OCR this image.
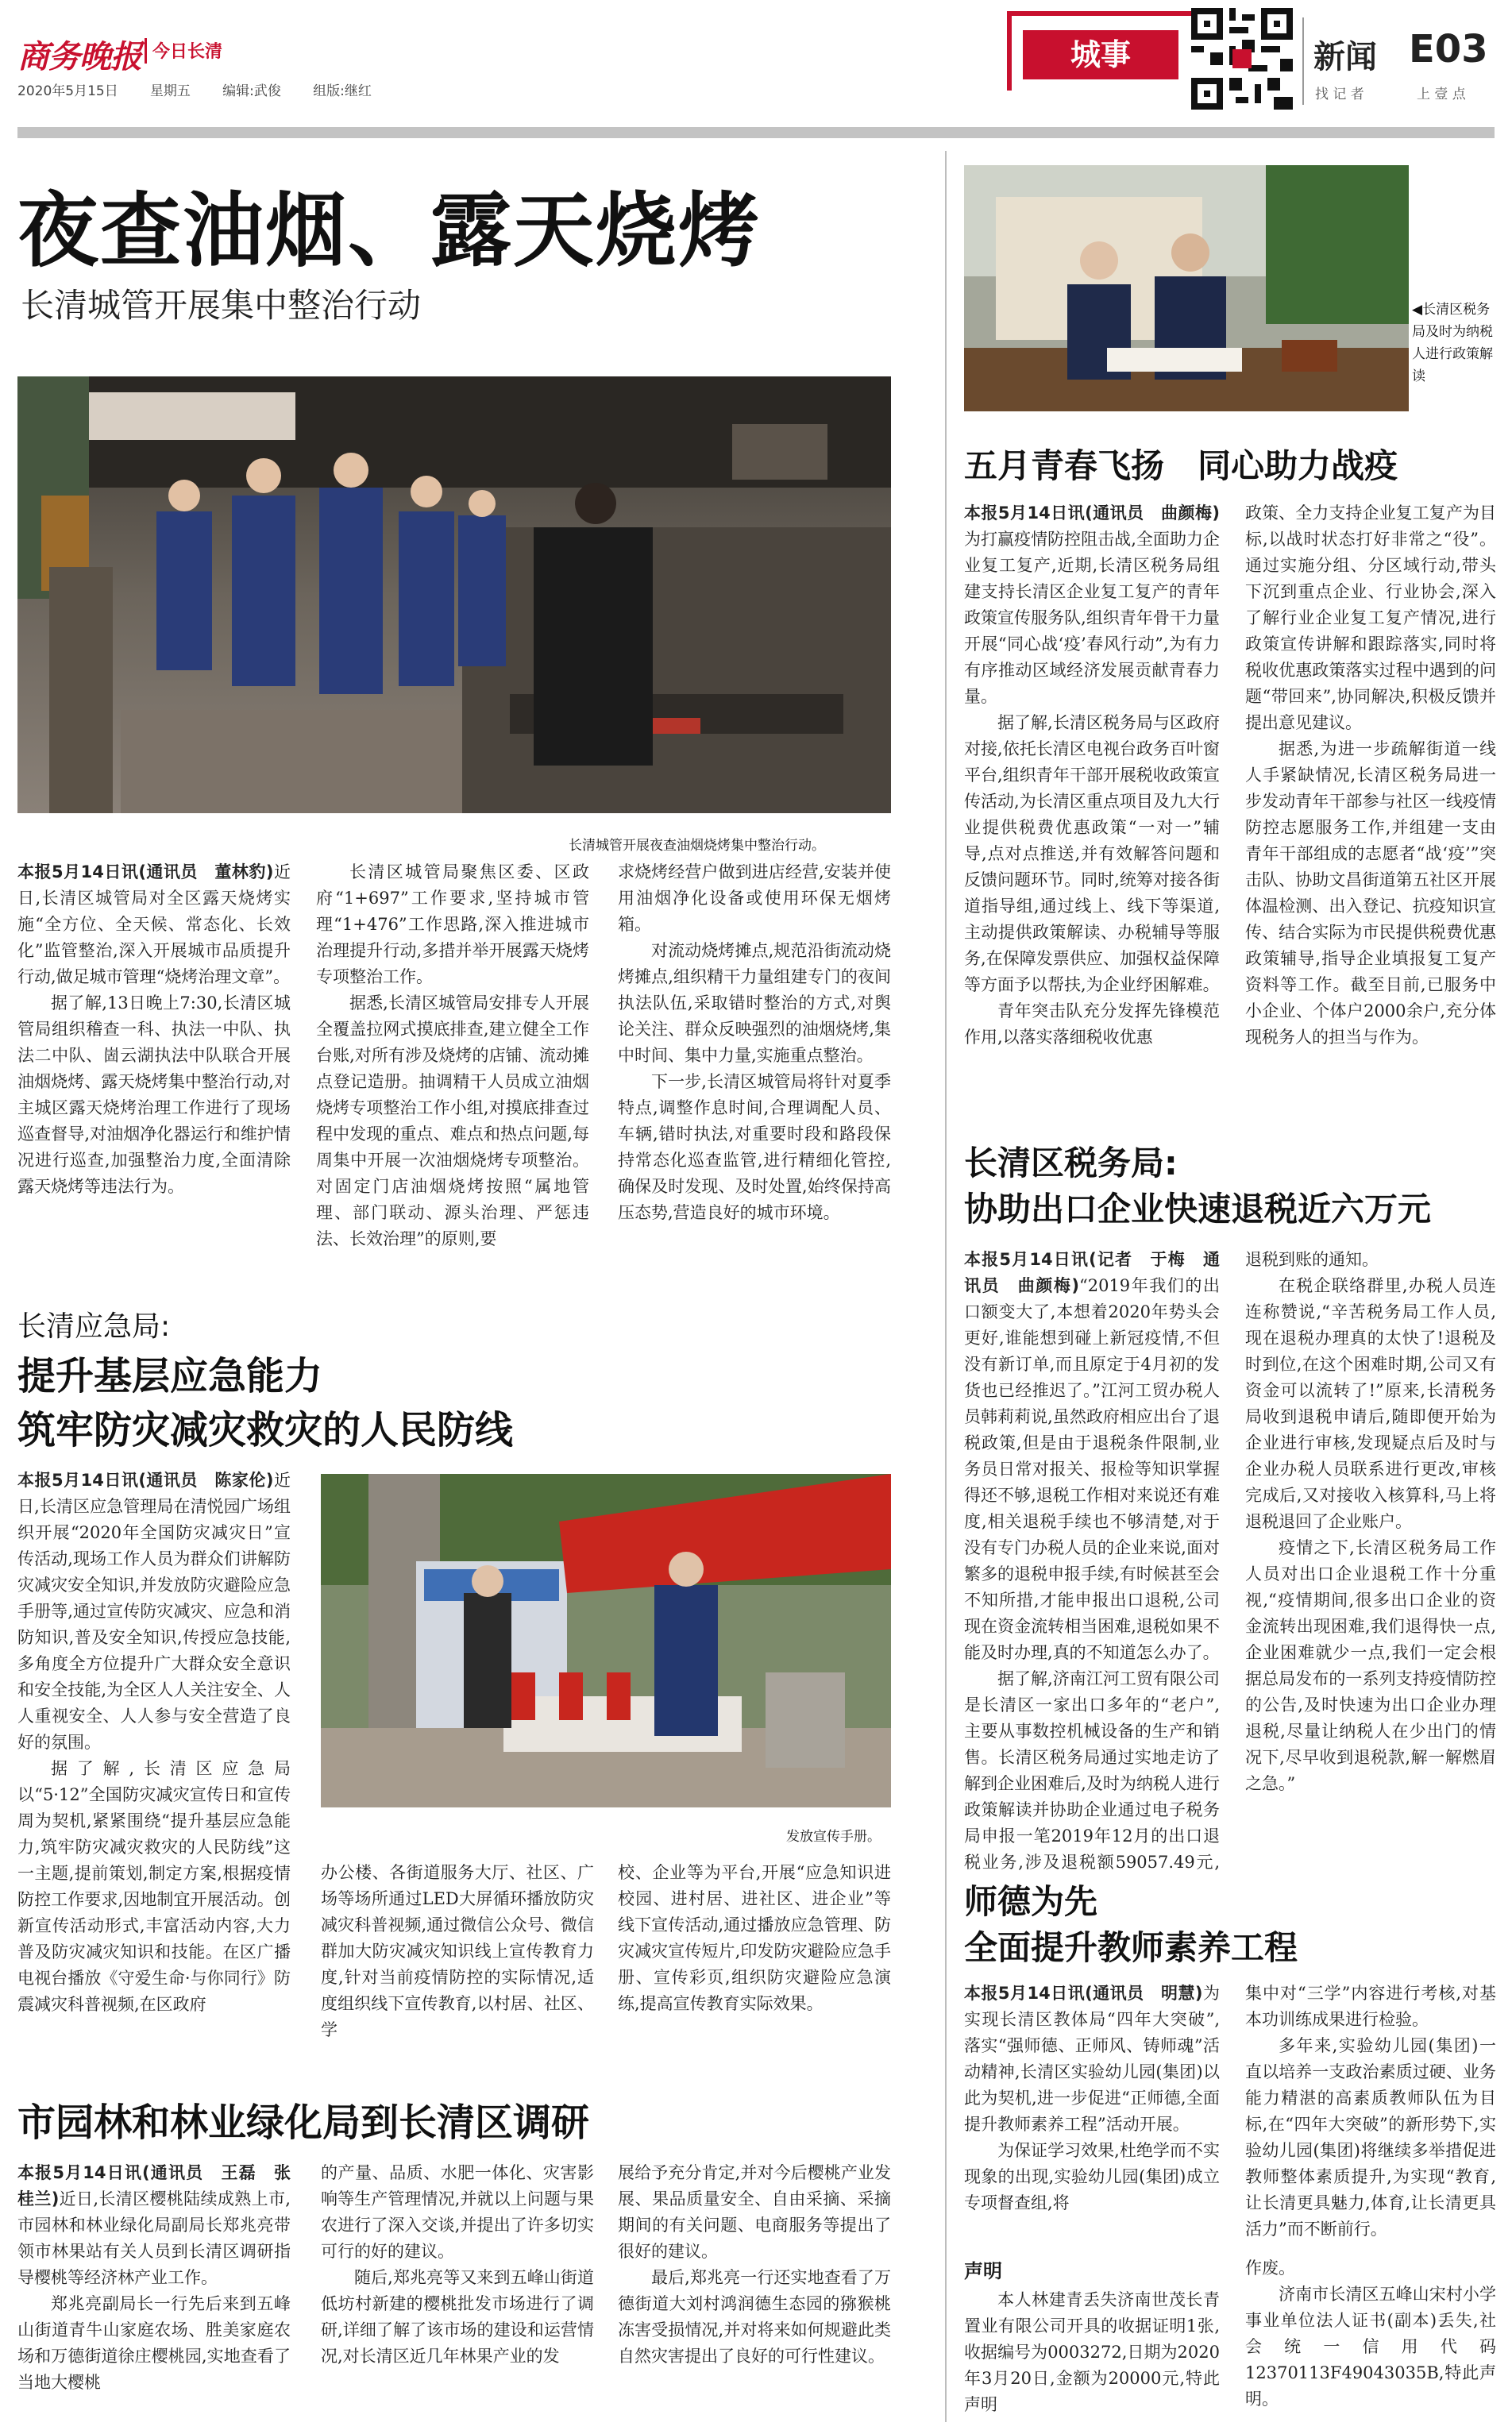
商务晚报 今日长清
2020年5月15日 星期五 编辑:武俊 组版:继红
城事	新闻 E03
找 记 者	上 壹 点
夜查油烟、露天烧烤
长清城管开展集中整治行动
长清城管开展夜查油烟烧烤集中整治行动。

本报5月14日讯(通讯员　董林豹)近日,长清区城管局对全区露天烧烤实施“全方位、全天候、常态化、长效化”监管整治,深入开展城市品质提升行动,做足城市管理“烧烤治理文章”。

据了解,13日晚上7:30,长清区城管局组织稽查一科、执法一中队、执法二中队、崮云湖执法中队联合开展油烟烧烤、露天烧烤集中整治行动,对主城区露天烧烤治理工作进行了现场巡查督导,对油烟净化器运行和维护情况进行巡查,加强整治力度,全面清除露天烧烤等违法行为。

长清区城管局聚焦区委、区政府“1+697”工作要求,坚持城市管理“1+476”工作思路,深入推进城市治理提升行动,多措并举开展露天烧烤专项整治工作。

据悉,长清区城管局安排专人开展全覆盖拉网式摸底排查,建立健全工作台账,对所有涉及烧烤的店铺、流动摊点登记造册。抽调精干人员成立油烟烧烤专项整治工作小组,对摸底排查过程中发现的重点、难点和热点问题,每周集中开展一次油烟烧烤专项整治。对固定门店油烟烧烤按照“属地管理、部门联动、源头治理、严惩违法、长效治理”的原则,要

求烧烤经营户做到进店经营,安装并使用油烟净化设备或使用环保无烟烤箱。

对流动烧烤摊点,规范沿街流动烧烤摊点,组织精干力量组建专门的夜间执法队伍,采取错时整治的方式,对舆论关注、群众反映强烈的油烟烧烤,集中时间、集中力量,实施重点整治。

下一步,长清区城管局将针对夏季特点,调整作息时间,合理调配人员、车辆,错时执法,对重要时段和路段保持常态化巡查监管,进行精细化管控,确保及时发现、及时处置,始终保持高压态势,营造良好的城市环境。

长清应急局:
提升基层应急能力
筑牢防灾减灾救灾的人民防线

本报5月14日讯(通讯员　陈家伦)近日,长清区应急管理局在清悦园广场组织开展“2020年全国防灾减灾日”宣传活动,现场工作人员为群众们讲解防灾减灾安全知识,并发放防灾避险应急手册等,通过宣传防灾减灾、应急和消防知识,普及安全知识,传授应急技能,多角度全方位提升广大群众安全意识和安全技能,为全区人人关注安全、人人重视安全、人人参与安全营造了良好的氛围。

据了解,长清区应急局以“5·12”全国防灾减灾宣传日和宣传周为契机,紧紧围绕“提升基层应急能力,筑牢防灾减灾救灾的人民防线”这一主题,提前策划,制定方案,根据疫情防控工作要求,因地制宜开展活动。创新宣传活动形式,丰富活动内容,大力普及防灾减灾知识和技能。在区广播电视台播放《守爱生命·与你同行》防震减灾科普视频,在区政府

发放宣传手册。

办公楼、各街道服务大厅、社区、广场等场所通过LED大屏循环播放防灾减灾科普视频,通过微信公众号、微信群加大防灾减灾知识线上宣传教育力度,针对当前疫情防控的实际情况,适度组织线下宣传教育,以村居、社区、学

校、企业等为平台,开展“应急知识进校园、进村居、进社区、进企业”等线下宣传活动,通过播放应急管理、防灾减灾宣传短片,印发防灾避险应急手册、宣传彩页,组织防灾避险应急演练,提高宣传教育实际效果。

市园林和林业绿化局到长清区调研

本报5月14日讯(通讯员　王磊　张桂兰)近日,长清区樱桃陆续成熟上市,市园林和林业绿化局副局长郑兆亮带领市林果站有关人员到长清区调研指导樱桃等经济林产业工作。

郑兆亮副局长一行先后来到五峰山街道青牛山家庭农场、胜美家庭农场和万德街道徐庄樱桃园,实地查看了当地大樱桃

的产量、品质、水肥一体化、灾害影响等生产管理情况,并就以上问题与果农进行了深入交谈,并提出了许多切实可行的好的建议。

随后,郑兆亮等又来到五峰山街道低坊村新建的樱桃批发市场进行了调研,详细了解了该市场的建设和运营情况,对长清区近几年林果产业的发

展给予充分肯定,并对今后樱桃产业发展、果品质量安全、自由采摘、采摘期间的有关问题、电商服务等提出了很好的建议。

最后,郑兆亮一行还实地查看了万德街道大刘村鸿润德生态园的猕猴桃冻害受损情况,并对将来如何规避此类自然灾害提出了良好的可行性建议。

◀长清区税务局及时为纳税人进行政策解读
五月青春飞扬　同心助力战疫

本报5月14日讯(通讯员　曲颜梅)为打赢疫情防控阻击战,全面助力企业复工复产,近期,长清区税务局组建支持长清区企业复工复产的青年政策宣传服务队,组织青年骨干力量开展“同心战‘疫’春风行动”,为有力有序推动区域经济发展贡献青春力量。

据了解,长清区税务局与区政府对接,依托长清区电视台政务百叶窗平台,组织青年干部开展税收政策宣传活动,为长清区重点项目及九大行业提供税费优惠政策“一对一”辅导,点对点推送,并有效解答问题和反馈问题环节。同时,统筹对接各街道指导组,通过线上、线下等渠道,主动提供政策解读、办税辅导等服务,在保障发票供应、加强权益保障等方面予以帮扶,为企业纾困解难。

青年突击队充分发挥先锋模范作用,以落实落细税收优惠

政策、全力支持企业复工复产为目标,以战时状态打好非常之“役”。通过实施分组、分区域行动,带头下沉到重点企业、行业协会,深入了解行业企业复工复产情况,进行政策宣传讲解和跟踪落实,同时将税收优惠政策落实过程中遇到的问题“带回来”,协同解决,积极反馈并提出意见建议。

据悉,为进一步疏解街道一线人手紧缺情况,长清区税务局进一步发动青年干部参与社区一线疫情防控志愿服务工作,并组建一支由青年干部组成的志愿者“战‘疫’”突击队、协助文昌街道第五社区开展体温检测、出入登记、抗疫知识宣传、结合实际为市民提供税费优惠政策辅导,指导企业填报复工复产资料等工作。截至目前,已服务中小企业、个体户2000余户,充分体现税务人的担当与作为。

长清区税务局:
协助出口企业快速退税近六万元

本报5月14日讯(记者　于梅　通讯员　曲颜梅)“2019年我们的出口额变大了,本想着2020年势头会更好,谁能想到碰上新冠疫情,不但没有新订单,而且原定于4月初的发货也已经推迟了。”江河工贸办税人员韩莉莉说,虽然政府相应出台了退税政策,但是由于退税条件限制,业务员日常对报关、报检等知识掌握得还不够,退税工作相对来说还有难度,相关退税手续也不够清楚,对于没有专门办税人员的企业来说,面对繁多的退税申报手续,有时候甚至会不知所措,才能申报出口退税,公司现在资金流转相当困难,退税如果不能及时办理,真的不知道怎么办了。

据了解,济南江河工贸有限公司是长清区一家出口多年的“老户”,主要从事数控机械设备的生产和销售。长清区税务局通过实地走访了解到企业困难后,及时为纳税人进行政策解读并协助企业通过电子税务局申报一笔2019年12月的出口退税业务,涉及退税额59057.49元,

退税到账的通知。

在税企联络群里,办税人员连连称赞说,“辛苦税务局工作人员,现在退税办理真的太快了!退税及时到位,在这个困难时期,公司又有资金可以流转了!”原来,长清税务局收到退税申请后,随即便开始为企业进行审核,发现疑点后及时与企业办税人员联系进行更改,审核完成后,又对接收入核算科,马上将退税退回了企业账户。

疫情之下,长清区税务局工作人员对出口企业退税工作十分重视,“疫情期间,很多出口企业的资金流转出现困难,我们退得快一点,企业困难就少一点,我们一定会根据总局发布的一系列支持疫情防控的公告,及时快速为出口企业办理退税,尽量让纳税人在少出门的情况下,尽早收到退税款,解一解燃眉之急。”

师德为先
全面提升教师素养工程

本报5月14日讯(通讯员　明慧)为实现长清区教体局“四年大突破”,落实“强师德、正师风、铸师魂”活动精神,长清区实验幼儿园(集团)以此为契机,进一步促进“正师德,全面提升教师素养工程”活动开展。

为保证学习效果,杜绝学而不实现象的出现,实验幼儿园(集团)成立专项督查组,将

集中对“三学”内容进行考核,对基本功训练成果进行检验。

多年来,实验幼儿园(集团)一直以培养一支政治素质过硬、业务能力精湛的高素质教师队伍为目标,在“四年大突破”的新形势下,实验幼儿园(集团)将继续多举措促进教师整体素质提升,为实现“教育,让长清更具魅力,体育,让长清更具活力”而不断前行。

声明

本人林建青丢失济南世茂长青置业有限公司开具的收据证明1张,收据编号为0003272,日期为2020年3月20日,金额为20000元,特此声明

作废。

济南市长清区五峰山宋村小学事业单位法人证书(副本)丢失,社会统一信用代码12370113F49043035B,特此声明。
